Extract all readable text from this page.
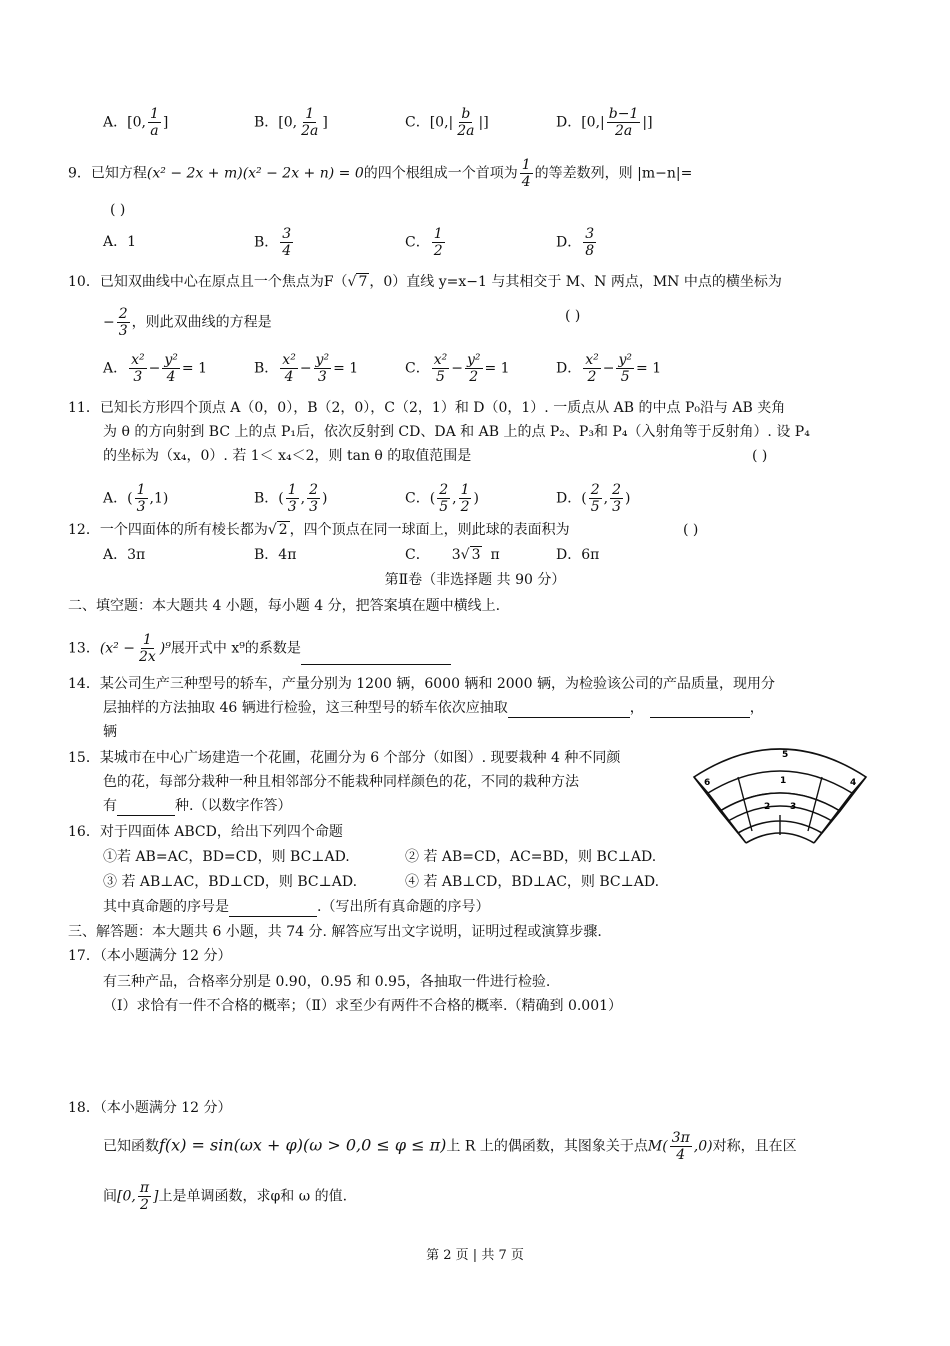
A．[0, $\frac{1}{a}$ ]	B．[0, $\frac{1}{2a}$ ]	C．[$0,| \frac{b}{2a}$ |]	D．[$0,| \frac{b-1}{2a}$ |]
9．已知方程(x² − 2x + m)(x² − 2x + n) = 0的四个根组成一个首项为 $\frac{1}{4}$ 的等差数列，则 |m−n|=
( )
A．1	B． $\frac{3}{4}$	C． $\frac{1}{2}$	D． $\frac{3}{8}$
10．已知双曲线中心在原点且一个焦点为F（√ 7 ，0）直线 y=x−1 与其相交于 M、N 两点，MN 中点的横坐标为
− $\frac{2}{3}$ ，则此双曲线的方程是	( )
A． $\frac{\text{x²}}{3} - \frac{\text{y²}}{4} = 1$	B． $\frac{\text{x²}}{4} - \frac{\text{y²}}{3} = 1$	C． $\frac{\text{x²}}{5} - \frac{\text{y²}}{2} = 1$	D． $\frac{\text{x²}}{2} - \frac{\text{y²}}{5} = 1$
11．已知长方形四个顶点 A（0，0），B（2，0），C（2，1）和 D（0，1）. 一质点从 AB 的中点 P₀沿与 AB 夹角
为 θ 的方向射到 BC 上的点 P₁后，依次反射到 CD、DA 和 AB 上的点 P₂、P₃和 P₄（入射角等于反射角）. 设 P₄
的坐标为（x₄，0）. 若 1＜ x₄＜2，则 tan θ 的取值范围是	( )
A．( $\frac{1}{3} ,1$)	B．( $\frac{1}{3}$ , $\frac{2}{3}$ )	C．( $\frac{2}{5}$ , $\frac{1}{2}$ )	D．( $\frac{2}{5}$ , $\frac{2}{3}$ )
12．一个四面体的所有棱长都为√ 2 ，四个顶点在同一球面上，则此球的表面积为	( )
A．3π	B．4π	C． 3√ 3 π	D．6π
第Ⅱ卷（非选择题 共 90 分）
二、填空题：本大题共 4 小题，每小题 4 分，把答案填在题中横线上.
13．$(x^2 - \frac{1}{2x} )^9$展开式中 x⁹的系数是
14．某公司生产三种型号的轿车，产量分别为 1200 辆，6000 辆和 2000 辆，为检验该公司的产品质量，现用分
层抽样的方法抽取 46 辆进行检验，这三种型号的轿车依次应抽取	，	，
辆
15．某城市在中心广场建造一个花圃，花圃分为 6 个部分（如图）. 现要栽种 4 种不同颜
色的花，每部分栽种一种且相邻部分不能栽种同样颜色的花，不同的栽种方法
有	种.（以数字作答）
5
1
6	4
2 3
16．对于四面体 ABCD，给出下列四个命题
①若 AB=AC，BD=CD，则 BC⊥AD.	② 若 AB=CD，AC=BD，则 BC⊥AD.
③ 若 AB⊥AC，BD⊥CD，则 BC⊥AD.	④ 若 AB⊥CD，BD⊥AC，则 BC⊥AD.
其中真命题的序号是	.（写出所有真命题的序号）
三、解答题：本大题共 6 小题，共 74 分. 解答应写出文字说明，证明过程或演算步骤.
17．（本小题满分 12 分）
有三种产品，合格率分别是 0.90，0.95 和 0.95，各抽取一件进行检验.
（Ⅰ）求恰有一件不合格的概率；（Ⅱ）求至少有两件不合格的概率.（精确到 0.001）
18．（本小题满分 12 分）
已知函数f(x) = sin(ωx + φ)(ω > 0,0 ≤ φ ≤ π)上 R 上的偶函数，其图象关于点$M( \frac{3\pi}{4} ,0)$对称，且在区
间[0, $\frac{\pi}{2}$ ]上是单调函数，求φ和 ω 的值.
第 2 页 | 共 7 页
